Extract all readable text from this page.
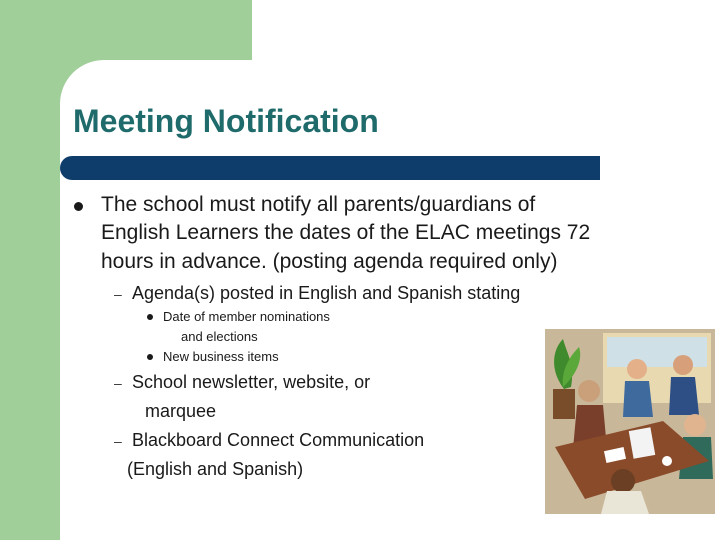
Meeting Notification
The school must notify all parents/guardians of
English Learners the dates of the ELAC meetings 72
hours in advance. (posting agenda required only)
– Agenda(s) posted in English and Spanish stating
Date of member nominations
and elections
New business items
– School newsletter, website, or
marquee
– Blackboard Connect Communication
(English and Spanish)
